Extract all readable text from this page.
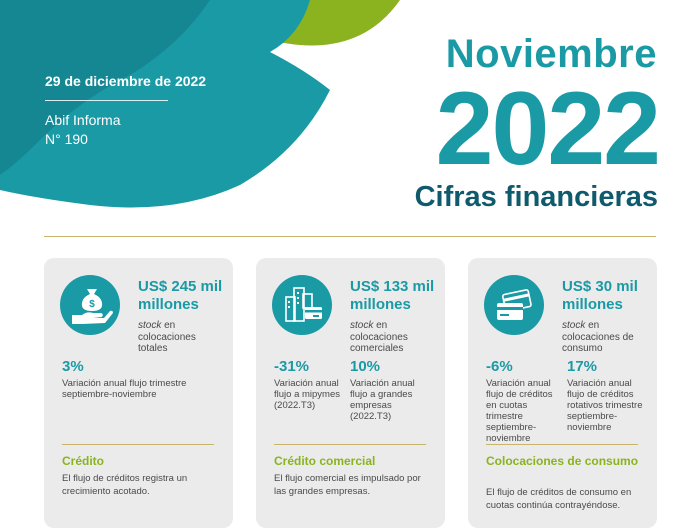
29 de diciembre de 2022
Abif Informa
N° 190
Noviembre
2022
Cifras financieras
$
US$ 245 mil millones
stock en colocaciones totales
3%
Variación anual flujo trimestre septiembre-noviembre
Crédito
El flujo de créditos registra un crecimiento acotado.
US$ 133 mil millones
stock en colocaciones comerciales
-31%
Variación anual flujo a mipymes (2022.T3)
10%
Variación anual flujo a grandes empresas (2022.T3)
Crédito comercial
El flujo comercial es impulsado por las grandes empresas.
US$ 30 mil millones
stock en colocaciones de consumo
-6%
Variación anual flujo de créditos en cuotas trimestre septiembre-noviembre
17%
Variación anual flujo de créditos rotativos trimestre septiembre-noviembre
Colocaciones de consumo
El flujo de créditos de consumo en cuotas continúa contrayéndose.
